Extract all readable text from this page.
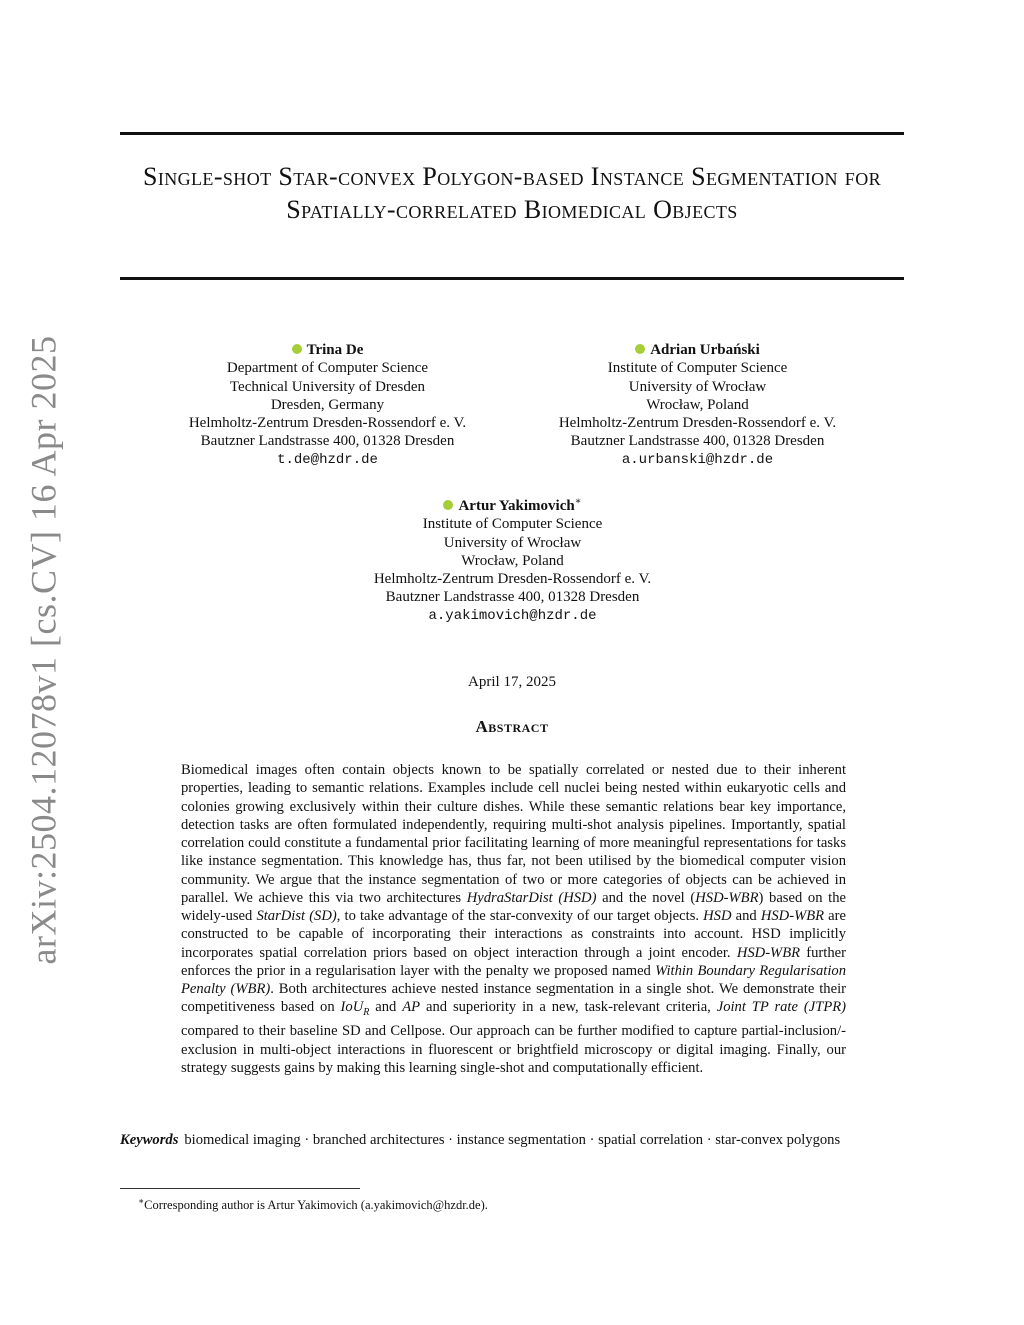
arXiv:2504.12078v1 [cs.CV] 16 Apr 2025
Single-shot Star-convex Polygon-based Instance Segmentation for Spatially-correlated Biomedical Objects
Trina De
Department of Computer Science
Technical University of Dresden
Dresden, Germany
Helmholtz-Zentrum Dresden-Rossendorf e. V.
Bautzner Landstrasse 400, 01328 Dresden
t.de@hzdr.de
Adrian Urbański
Institute of Computer Science
University of Wrocław
Wrocław, Poland
Helmholtz-Zentrum Dresden-Rossendorf e. V.
Bautzner Landstrasse 400, 01328 Dresden
a.urbanski@hzdr.de
Artur Yakimovich∗
Institute of Computer Science
University of Wrocław
Wrocław, Poland
Helmholtz-Zentrum Dresden-Rossendorf e. V.
Bautzner Landstrasse 400, 01328 Dresden
a.yakimovich@hzdr.de
April 17, 2025
Abstract
Biomedical images often contain objects known to be spatially correlated or nested due to their inherent properties, leading to semantic relations. Examples include cell nuclei being nested within eukaryotic cells and colonies growing exclusively within their culture dishes. While these semantic relations bear key importance, detection tasks are often formulated independently, requiring multi-shot analysis pipelines. Importantly, spatial correlation could constitute a fundamental prior facilitating learning of more meaningful representations for tasks like instance segmentation. This knowledge has, thus far, not been utilised by the biomedical computer vision community. We argue that the instance segmentation of two or more categories of objects can be achieved in parallel. We achieve this via two architectures HydraStarDist (HSD) and the novel (HSD-WBR) based on the widely-used StarDist (SD), to take advantage of the star-convexity of our target objects. HSD and HSD-WBR are constructed to be capable of incorporating their interactions as constraints into account. HSD implicitly incorporates spatial correlation priors based on object interaction through a joint encoder. HSD-WBR further enforces the prior in a regularisation layer with the penalty we proposed named Within Boundary Regularisation Penalty (WBR). Both architectures achieve nested instance segmentation in a single shot. We demonstrate their competitiveness based on IoU$_R$ and AP and superiority in a new, task-relevant criteria, Joint TP rate (JTPR) compared to their baseline SD and Cellpose. Our approach can be further modified to capture partial-inclusion/-exclusion in multi-object interactions in fluorescent or brightfield microscopy or digital imaging. Finally, our strategy suggests gains by making this learning single-shot and computationally efficient.
Keywords biomedical imaging · branched architectures · instance segmentation · spatial correlation · star-convex polygons
∗Corresponding author is Artur Yakimovich (a.yakimovich@hzdr.de).
